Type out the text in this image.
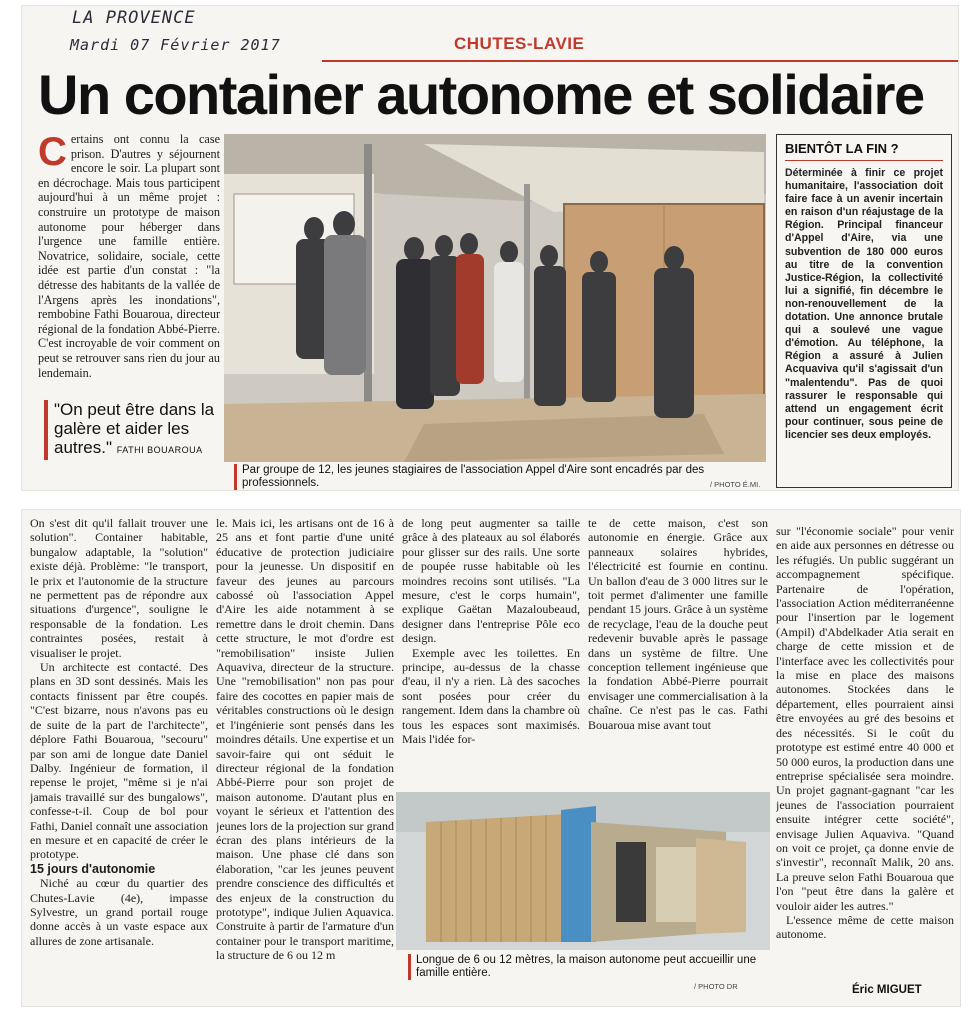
LA PROVENCE
Mardi 07 Février 2017	CHUTES-LAVIE
Un container autonome et solidaire

Certains ont connu la case prison. D'autres y séjournent encore le soir. La plupart sont en décrochage. Mais tous participent aujourd'hui à un même projet : construire un prototype de maison autonome pour héberger dans l'urgence une famille entière. Novatrice, solidaire, sociale, cette idée est partie d'un constat : "la détresse des habitants de la vallée de l'Argens après les inondations", rembobine Fathi Bouaroua, directeur régional de la fondation Abbé-Pierre. C'est incroyable de voir comment on peut se retrouver sans rien du jour au lendemain.

"On peut être dans la galère et aider les autres." FATHI BOUAROUA
Par groupe de 12, les jeunes stagiaires de l'association Appel d'Aire sont encadrés par des professionnels.	/ PHOTO É.MI.
BIENTÔT LA FIN ?
Déterminée à finir ce projet humanitaire, l'association doit faire face à un avenir incertain en raison d'un réajustage de la Région. Principal financeur d'Appel d'Aire, via une subvention de 180 000 euros au titre de la convention Justice-Région, la collectivité lui a signifié, fin décembre le non-renouvellement de la dotation. Une annonce brutale qui a soulevé une vague d'émotion. Au téléphone, la Région a assuré à Julien Acquaviva qu'il s'agissait d'un "malentendu". Pas de quoi rassurer le responsable qui attend un engagement écrit pour continuer, sous peine de licencier ses deux employés.

On s'est dit qu'il fallait trouver une solution". Container habitable, bungalow adaptable, la "solution" existe déjà. Problème: "le transport, le prix et l'autonomie de la structure ne permettent pas de répondre aux situations d'urgence", souligne le responsable de la fondation. Les contraintes posées, restait à visualiser le projet.

Un architecte est contacté. Des plans en 3D sont dessinés. Mais les contacts finissent par être coupés. "C'est bizarre, nous n'avons pas eu de suite de la part de l'architecte", déplore Fathi Bouaroua, "secouru" par son ami de longue date Daniel Dalby. Ingénieur de formation, il repense le projet, "même si je n'ai jamais travaillé sur des bungalows", confesse-t-il. Coup de bol pour Fathi, Daniel connaît une association en mesure et en capacité de créer le prototype.

15 jours d'autonomie

Niché au cœur du quartier des Chutes-Lavie (4e), impasse Sylvestre, un grand portail rouge donne accès à un vaste espace aux allures de zone artisanale.

le. Mais ici, les artisans ont de 16 à 25 ans et font partie d'une unité éducative de protection judiciaire pour la jeunesse. Un dispositif en faveur des jeunes au parcours cabossé où l'association Appel d'Aire les aide notamment à se remettre dans le droit chemin. Dans cette structure, le mot d'ordre est "remobilisation" insiste Julien Aquaviva, directeur de la structure. Une "remobilisation" non pas pour faire des cocottes en papier mais de véritables constructions où le design et l'ingénierie sont pensés dans les moindres détails. Une expertise et un savoir-faire qui ont séduit le directeur régional de la fondation Abbé-Pierre pour son projet de maison autonome. D'autant plus en voyant le sérieux et l'attention des jeunes lors de la projection sur grand écran des plans intérieurs de la maison. Une phase clé dans son élaboration, "car les jeunes peuvent prendre conscience des difficultés et des enjeux de la construction du prototype", indique Julien Aquavica. Construite à partir de l'armature d'un container pour le transport maritime, la structure de 6 ou 12 m

de long peut augmenter sa taille grâce à des plateaux au sol élaborés pour glisser sur des rails. Une sorte de poupée russe habitable où les moindres recoins sont utilisés. "La mesure, c'est le corps humain", explique Gaëtan Mazaloubeaud, designer dans l'entreprise Pôle eco design.

Exemple avec les toilettes. En principe, au-dessus de la chasse d'eau, il n'y a rien. Là des sacoches sont posées pour créer du rangement. Idem dans la chambre où tous les espaces sont maximisés. Mais l'idée for-

te de cette maison, c'est son autonomie en énergie. Grâce aux panneaux solaires hybrides, l'électricité est fournie en continu. Un ballon d'eau de 3 000 litres sur le toit permet d'alimenter une famille pendant 15 jours. Grâce à un système de recyclage, l'eau de la douche peut redevenir buvable après le passage dans un système de filtre. Une conception tellement ingénieuse que la fondation Abbé-Pierre pourrait envisager une commercialisation à la chaîne. Ce n'est pas le cas. Fathi Bouaroua mise avant tout

sur "l'économie sociale" pour venir en aide aux personnes en détresse ou les réfugiés. Un public suggérant un accompagnement spécifique. Partenaire de l'opération, l'association Action méditerranéenne pour l'insertion par le logement (Ampil) d'Abdelkader Atia serait en charge de cette mission et de l'interface avec les collectivités pour la mise en place des maisons autonomes. Stockées dans le département, elles pourraient ainsi être envoyées au gré des besoins et des nécessités. Si le coût du prototype est estimé entre 40 000 et 50 000 euros, la production dans une entreprise spécialisée sera moindre. Un projet gagnant-gagnant "car les jeunes de l'association pourraient ensuite intégrer cette société", envisage Julien Aquaviva. "Quand on voit ce projet, ça donne envie de s'investir", reconnaît Malik, 20 ans. La preuve selon Fathi Bouaroua que l'on "peut être dans la galère et vouloir aider les autres."

L'essence même de cette maison autonome.

Longue de 6 ou 12 mètres, la maison autonome peut accueillir une famille entière.
/ PHOTO DR	Éric MIGUET
